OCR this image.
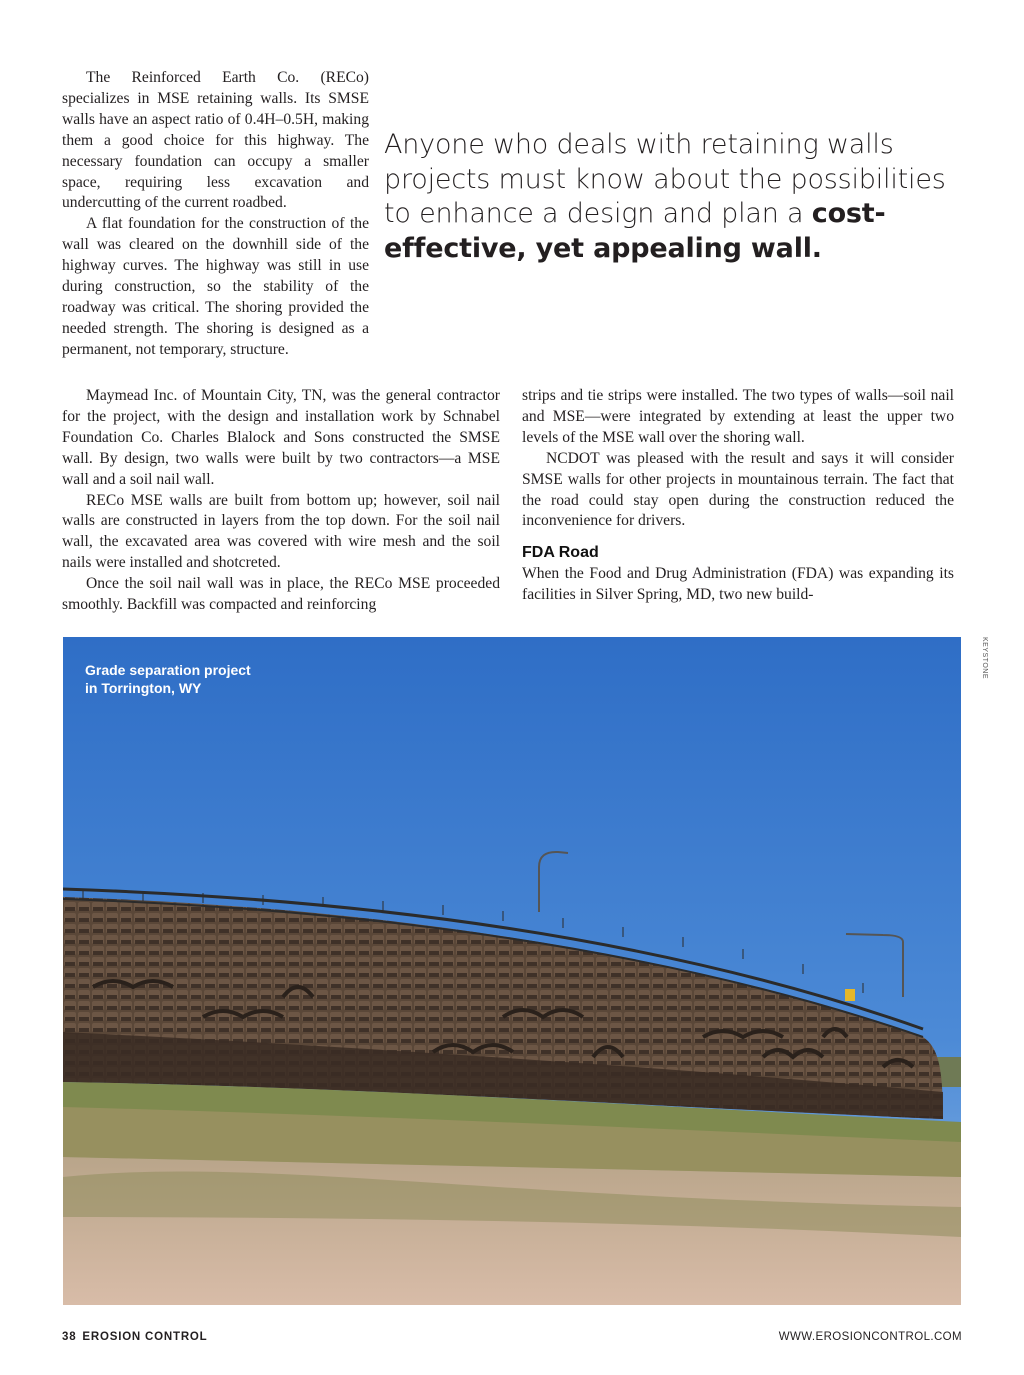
The Reinforced Earth Co. (RECo) specializes in MSE retaining walls. Its SMSE walls have an aspect ratio of 0.4H–0.5H, making them a good choice for this highway. The necessary foundation can occupy a smaller space, requiring less excavation and undercutting of the current roadbed.

A flat foundation for the construction of the wall was cleared on the downhill side of the highway curves. The highway was still in use during construction, so the stability of the roadway was critical. The shoring provided the needed strength. The shoring is designed as a permanent, not temporary, structure.

Anyone who deals with retaining walls projects must know about the possibilities to enhance a design and plan a cost-effective, yet appealing wall.

Maymead Inc. of Mountain City, TN, was the general contractor for the project, with the design and installation work by Schnabel Foundation Co. Charles Blalock and Sons constructed the SMSE wall. By design, two walls were built by two contractors—a MSE wall and a soil nail wall.

RECo MSE walls are built from bottom up; however, soil nail walls are constructed in layers from the top down. For the soil nail wall, the excavated area was covered with wire mesh and the soil nails were installed and shotcreted.

Once the soil nail wall was in place, the RECo MSE proceeded smoothly. Backfill was compacted and reinforcing

strips and tie strips were installed. The two types of walls—soil nail and MSE—were integrated by extending at least the upper two levels of the MSE wall over the shoring wall.

NCDOT was pleased with the result and says it will consider SMSE walls for other projects in mountainous terrain. The fact that the road could stay open during the construction reduced the inconvenience for drivers.

FDA Road

When the Food and Drug Administration (FDA) was expanding its facilities in Silver Spring, MD, two new build-

Grade separation project
in Torrington, WY
KEYSTONE
38 EROSION CONTROL	WWW.EROSIONCONTROL.COM
